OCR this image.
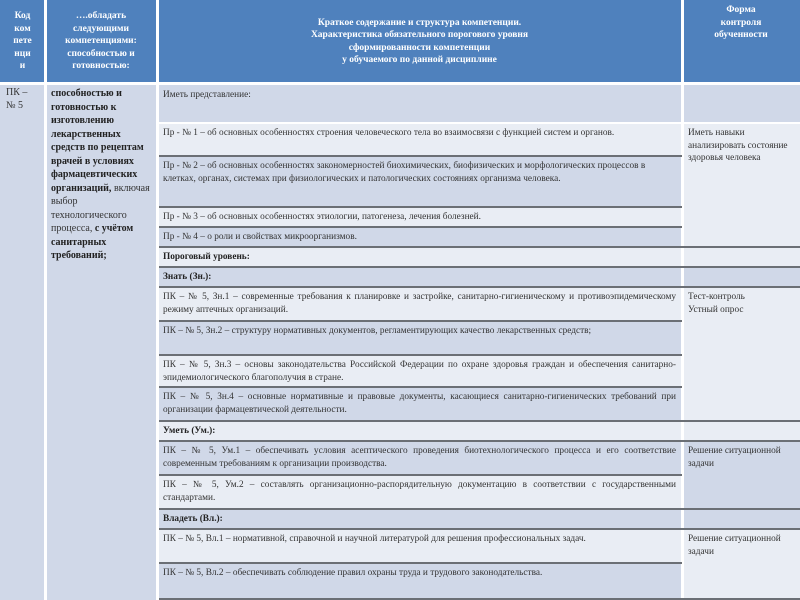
Код
ком
пете
нци
и
….обладать
следующими
компетенциями:
способностью и
готовностью:
Краткое содержание и структура компетенции.
Характеристика обязательного порогового уровня
сформированности компетенции
у обучаемого по данной дисциплине
Форма
контроля
обученности
ПК –
№ 5
способностью и готовностью к изготовлению лекарственных средств по рецептам врачей в условиях фармацевтических организаций, включая выбор технологического процесса, с учётом санитарных требований;
Иметь представление:
Пр - № 1 – об основных особенностях строения человеческого тела во взаимосвязи с функцией систем и органов.
Пр - № 2 – об основных особенностях закономерностей биохимических, биофизических и морфологических процессов в клетках, органах, системах при физиологических и патологических состояниях организма человека.
Пр - № 3 – об основных особенностях этиологии, патогенеза, лечения болезней.
Пр - № 4 – о роли и свойствах микроорганизмов.
Пороговый уровень:
Знать (Зн.):
ПК – № 5, Зн.1 – современные требования к планировке и застройке, санитарно-гигиеническому и противоэпидемическому режиму аптечных организаций.
ПК – № 5, Зн.2 – структуру нормативных документов, регламентирующих качество лекарственных средств;
ПК – № 5, Зн.3 – основы законодательства Российской Федерации по охране здоровья граждан и обеспечения санитарно-эпидемиологического благополучия в стране.
ПК – № 5, Зн.4 – основные нормативные и правовые документы, касающиеся санитарно-гигиенических требований при организации фармацевтической деятельности.
Уметь (Ум.):
ПК – № 5, Ум.1 – обеспечивать условия асептического проведения биотехнологического процесса и его соответствие современным требованиям к организации производства.
ПК – № 5, Ум.2 – составлять организационно-распорядительную документацию в соответствии с государственными стандартами.
Владеть (Вл.):
ПК – № 5, Вл.1 – нормативной, справочной и научной литературой для решения профессиональных задач.
ПК – № 5, Вл.2 – обеспечивать соблюдение правил охраны труда и трудового законодательства.
Иметь навыки анализировать состояние здоровья человека
Тест-контроль
Устный опрос
Решение ситуационной задачи
Решение ситуационной задачи
